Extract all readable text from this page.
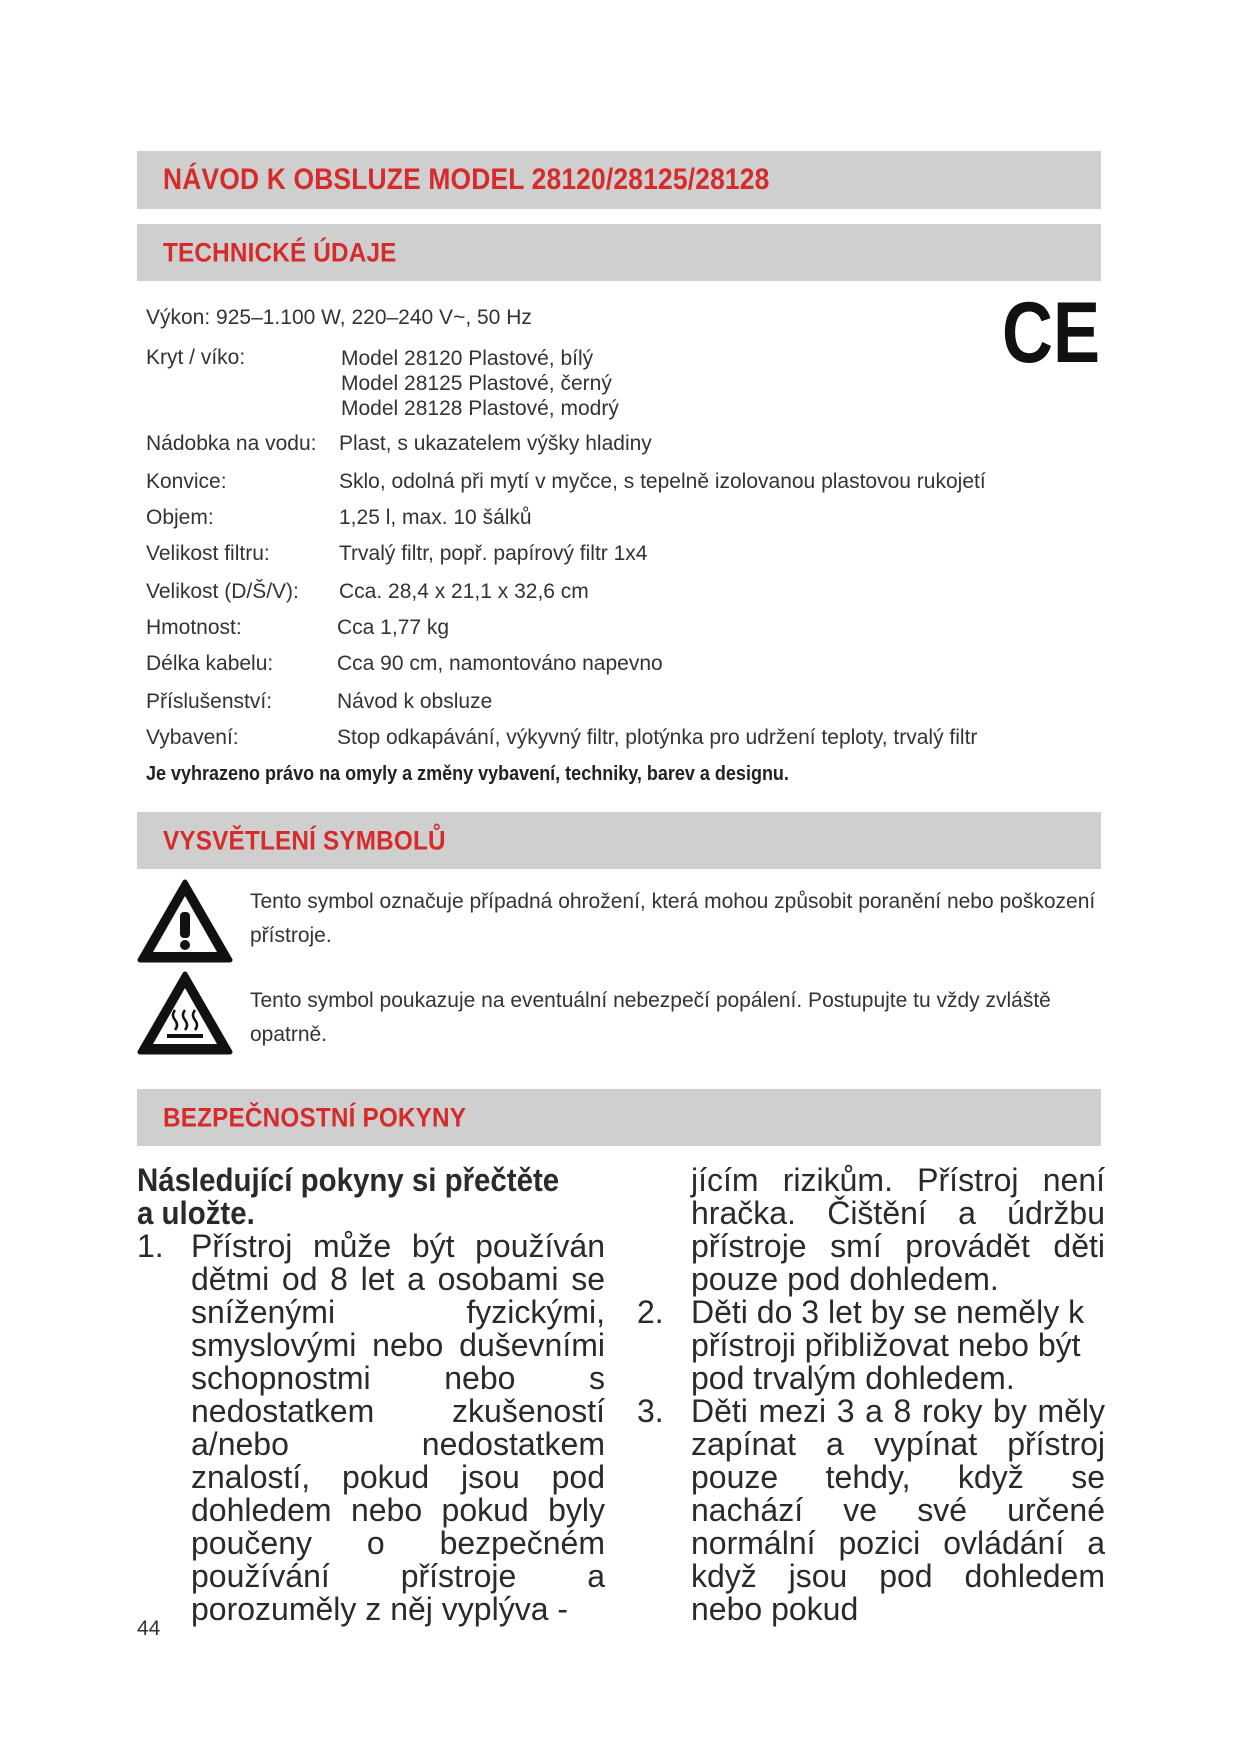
NÁVOD K OBSLUZE MODEL 28120/28125/28128
TECHNICKÉ ÚDAJE
Výkon: 925–1.100 W, 220–240 V~, 50 Hz	CE
Kryt / víko:	Model 28120 Plastové, bílý
Model 28125 Plastové, černý
Model 28128 Plastové, modrý
Nádobka na vodu: Plast, s ukazatelem výšky hladiny
Konvice:	Sklo, odolná při mytí v myčce, s tepelně izolovanou plastovou rukojetí
Objem:	1,25 l, max. 10 šálků
Velikost filtru:	Trvalý filtr, popř. papírový filtr 1x4
Velikost (D/Š/V): Cca. 28,4 x 21,1 x 32,6 cm
Hmotnost:	Cca 1,77 kg
Délka kabelu:	Cca 90 cm, namontováno napevno
Příslušenství:	Návod k obsluze
Vybavení:	Stop odkapávání, výkyvný filtr, plotýnka pro udržení teploty, trvalý filtr
Je vyhrazeno právo na omyly a změny vybavení, techniky, barev a designu.
VYSVĚTLENÍ SYMBOLŮ
Tento symbol označuje případná ohrožení, která mohou způsobit poranění nebo poškození přístroje.
Tento symbol poukazuje na eventuální nebezpečí popálení. Postupujte tu vždy zvláště opatrně.
BEZPEČNOSTNÍ POKYNY

Následující pokyny si přečtěte a uložte.

1. Přístroj může být používán dětmi od 8 let a osobami se sníženými fyzickými, smyslovými nebo duševními schopnostmi nebo s nedostatkem zkušeností a/nebo nedostatkem znalostí, pokud jsou pod dohledem nebo pokud byly poučeny o bezpečném používání přístroje a porozuměly z něj vyplýva -

jícím rizikům. Přístroj není hračka. Čištění a údržbu přístroje smí provádět děti pouze pod dohledem.

2. Děti do 3 let by se neměly k přístroji přibližovat nebo být pod trvalým dohledem.

3. Děti mezi 3 a 8 roky by měly zapínat a vypínat přístroj pouze tehdy, když se nachází ve své určené normální pozici ovládání a když jsou pod dohledem nebo pokud

44
